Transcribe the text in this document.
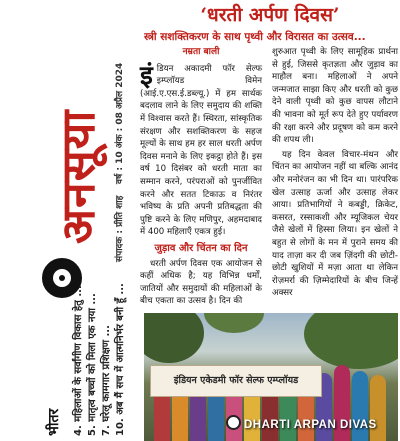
वर्ष : 10 अंक : 08 अप्रैल 2024
संपादक : प्रीति शाह
अनसूया
भीतर	4. महिलाओं के सर्वांगीण विकास हेतु ... 5. मातृत्व बच्चों को मिला एक नया ... 7. घरेलू कामगार प्रशिक्षण ... 10. अब मैं सच में आत्मनिर्भर बनी हूँ ...
‘धरती अर्पण दिवस’
स्त्री सशक्तिकरण के साथ पृथ्वी और विरासत का उत्सव...
नम्रता बाली

इंडियन अकादमी फॉर सेल्फ इम्प्लॉयड विमेन (आई.ए.एस.ई.डब्ल्यू.) में हम सार्थक बदलाव लाने के लिए समुदाय की शक्ति में विश्वास करते हैं। स्थिरता, सांस्कृतिक संरक्षण और सशक्तिकरण के सहज मूल्यों के साथ हम हर साल धरती अर्पण दिवस मनाने के लिए इकट्ठा होते हैं। इस वर्ष 10 दिसंबर को धरती माता का सम्मान करने, परंपराओं को पुनर्जीवित करने और सतत टिकाऊ व निरंतर भविष्य के प्रति अपनी प्रतिबद्धता की पुष्टि करने के लिए मणिपुर, अहमदाबाद में 400 महिलाएँ एकत्र हुई।

जुड़ाव और चिंतन का दिन

धरती अर्पण दिवस एक आयोजन से कहीं अधिक है; यह विभिन्न धर्मों, जातियों और समुदायों की महिलाओं के बीच एकता का उत्सव है। दिन की

शुरुआत पृथ्वी के लिए सामूहिक प्रार्थना से हुई, जिससे कृतज्ञता और जुड़ाव का माहौल बना। महिलाओं ने अपने जन्मजात साझा किए और धरती को कुछ देने वाली पृथ्वी को कुछ वापस लौटाने की भावना को मूर्त रूप देते हुए पर्यावरण की रक्षा करने और प्रदूषण को कम करने की शपथ ली।

यह दिन केवल विचार-मंथन और चिंतन का आयोजन नहीं था बल्कि आनंद और मनोरंजन का भी दिन था। पारंपरिक खेल उत्साह ऊर्जा और उत्साह लेकर आया। प्रतिभागियों ने कबड्डी, क्रिकेट, कसरत, रस्साकशी और म्यूजिकल चेयर जैसे खेलों में हिस्सा लिया। इन खेलों ने बहुत से लोगों के मन में पुराने समय की याद ताज़ा कर दी जब ज़िंदगी की छोटी-छोटी खुशियों में मज़ा आता था लेकिन रोज़मर्रा की ज़िम्मेदारियों के बीच जिन्हें अक्सर

इंडियन एकेडमी फॉर सेल्फ एम्प्लॉयड
DHARTI ARPAN DIVAS
